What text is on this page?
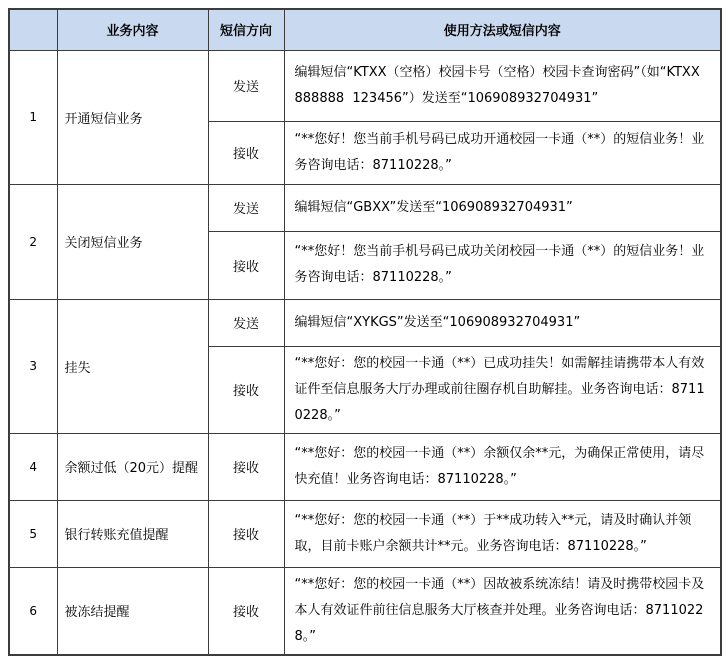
	业务内容	短信方向	使用方法或短信内容
1	开通短信业务	发送	编辑短信“KTXX（空格）校园卡号（空格）校园卡查询密码”（如“KTXX  888888  123456”）发送至“106908932704931”
		接收	“**您好！您当前手机号码已成功开通校园一卡通（**）的短信业务！业务咨询电话：87110228。”
2	关闭短信业务	发送	编辑短信“GBXX”发送至“106908932704931”
		接收	“**您好！您当前手机号码已成功关闭校园一卡通（**）的短信业务！业务咨询电话：87110228。”
3	挂失	发送	编辑短信“XYKGS”发送至“106908932704931”
		接收	“**您好：您的校园一卡通（**）已成功挂失！如需解挂请携带本人有效证件至信息服务大厅办理或前往圈存机自助解挂。业务咨询电话：87110228。”
4	余额过低（20元）提醒	接收	“**您好：您的校园一卡通（**）余额仅余**元，为确保正常使用，请尽快充值！业务咨询电话：87110228。”
5	银行转账充值提醒	接收	“**您好：您的校园一卡通（**）于**成功转入**元，请及时确认并领取，目前卡账户余额共计**元。业务咨询电话：87110228。”
6	被冻结提醒	接收	“**您好：您的校园一卡通（**）因故被系统冻结！请及时携带校园卡及本人有效证件前往信息服务大厅核查并处理。业务咨询电话：87110228。”
